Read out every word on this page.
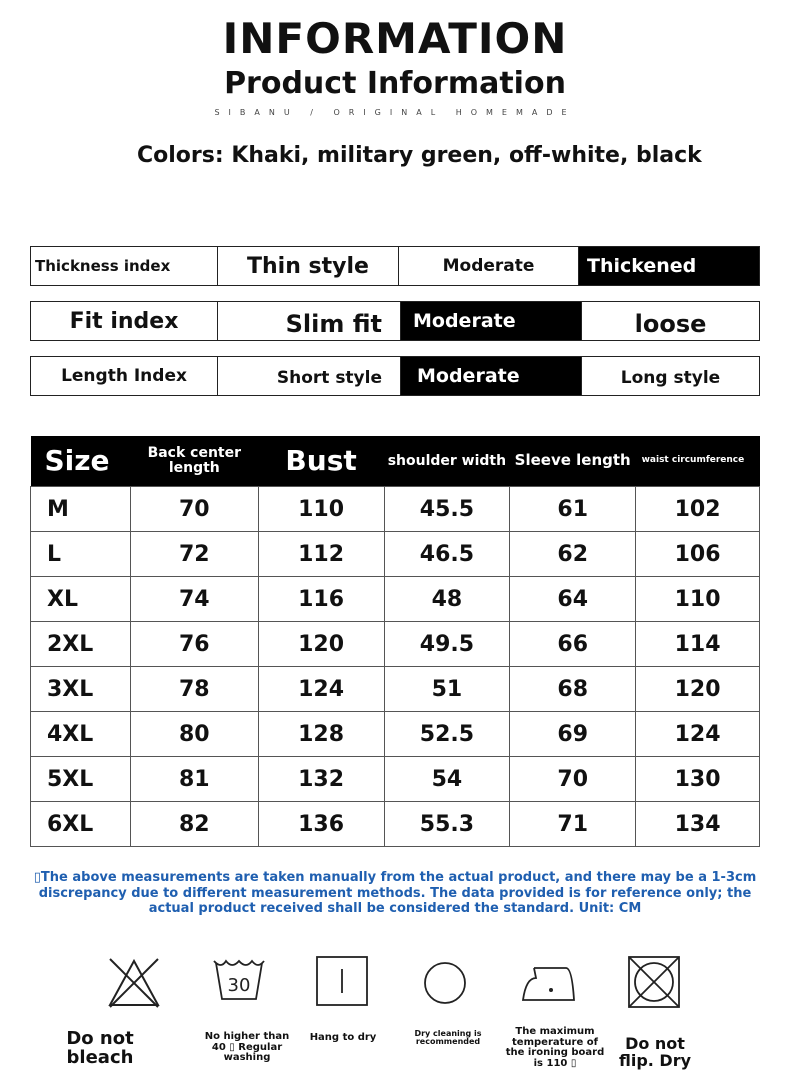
INFORMATION
Product Information
SIBANU / ORIGINAL HOMEMADE
Colors: Khaki, military green, off-white, black
Thickness index	Thin style	Moderate	Thickened
Fit index	Slim fit	Moderate	loose
Length Index	Short style	Moderate	Long style
Size	Back center length	Bust	shoulder width	Sleeve length	waist circumference
M	70	110	45.5	61	102
L	72	112	46.5	62	106
XL	74	116	48	64	110
2XL	76	120	49.5	66	114
3XL	78	124	51	68	120
4XL	80	128	52.5	69	124
5XL	81	132	54	70	130
6XL	82	136	55.3	71	134
▯The above measurements are taken manually from the actual product, and there may be a 1-3cm discrepancy due to different measurement methods. The data provided is for reference only; the actual product received shall be considered the standard. Unit: CM
Do not bleach
30
No higher than 40 ▯ Regular washing
Hang to dry	Dry cleaning is recommended
The maximum temperature of the ironing board is 110 ▯
Do not flip. Dry
